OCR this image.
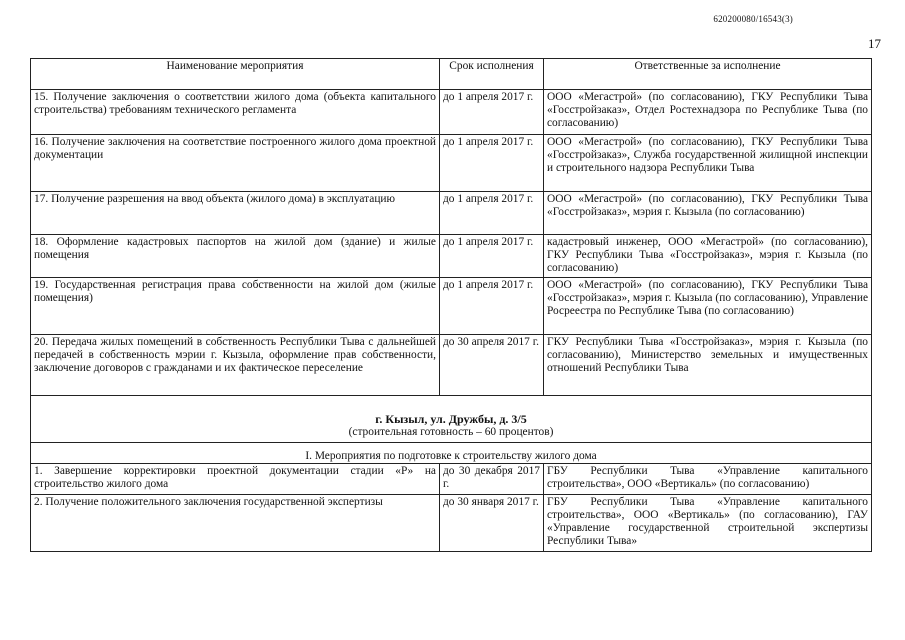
620200080/16543(3)
17
Наименование мероприятия	Срок исполнения	Ответственные за исполнение
15. Получение заключения о соответствии жилого дома (объекта капитального строительства) требованиям технического регламента	до 1 апреля 2017 г.	ООО «Мегастрой» (по согласованию), ГКУ Республики Тыва «Госстройзаказ», Отдел Ростехнадзора по Республике Тыва (по согласованию)
16. Получение заключения на соответствие построенного жилого дома проектной документации	до 1 апреля 2017 г.	ООО «Мегастрой» (по согласованию), ГКУ Республики Тыва «Госстройзаказ», Служба государственной жилищной инспекции и строительного надзора Республики Тыва
17. Получение разрешения на ввод объекта (жилого дома) в эксплуатацию	до 1 апреля 2017 г.	ООО «Мегастрой» (по согласованию), ГКУ Республики Тыва «Госстройзаказ», мэрия г. Кызыла (по согласованию)
18. Оформление кадастровых паспортов на жилой дом (здание) и жилые помещения	до 1 апреля 2017 г.	кадастровый инженер, ООО «Мегастрой» (по согласованию), ГКУ Республики Тыва «Госстройзаказ», мэрия г. Кызыла (по согласованию)
19. Государственная регистрация права собственности на жилой дом (жилые помещения)	до 1 апреля 2017 г.	ООО «Мегастрой» (по согласованию), ГКУ Республики Тыва «Госстройзаказ», мэрия г. Кызыла (по согласованию), Управление Росреестра по Республике Тыва (по согласованию)
20. Передача жилых помещений в собственность Республики Тыва с дальнейшей передачей в собственность мэрии г. Кызыла, оформление прав собственности, заключение договоров с гражданами и их фактическое переселение	до 30 апреля 2017 г.	ГКУ Республики Тыва «Госстройзаказ», мэрия г. Кызыла (по согласованию), Министерство земельных и имущественных отношений Республики Тыва

г. Кызыл, ул. Дружбы, д. 3/5
(строительная готовность – 60 процентов)		

I. Мероприятия по подготовке к строительству жилого дома		
1. Завершение корректировки проектной документации стадии «Р» на строительство жилого дома	до 30 декабря 2017 г.	ГБУ Республики Тыва «Управление капитального строительства», ООО «Вертикаль» (по согласованию)
2. Получение положительного заключения государственной экспертизы	до 30 января 2017 г.	ГБУ Республики Тыва «Управление капитального строительства», ООО «Вертикаль» (по согласованию), ГАУ «Управление государственной строительной экспертизы Республики Тыва»
